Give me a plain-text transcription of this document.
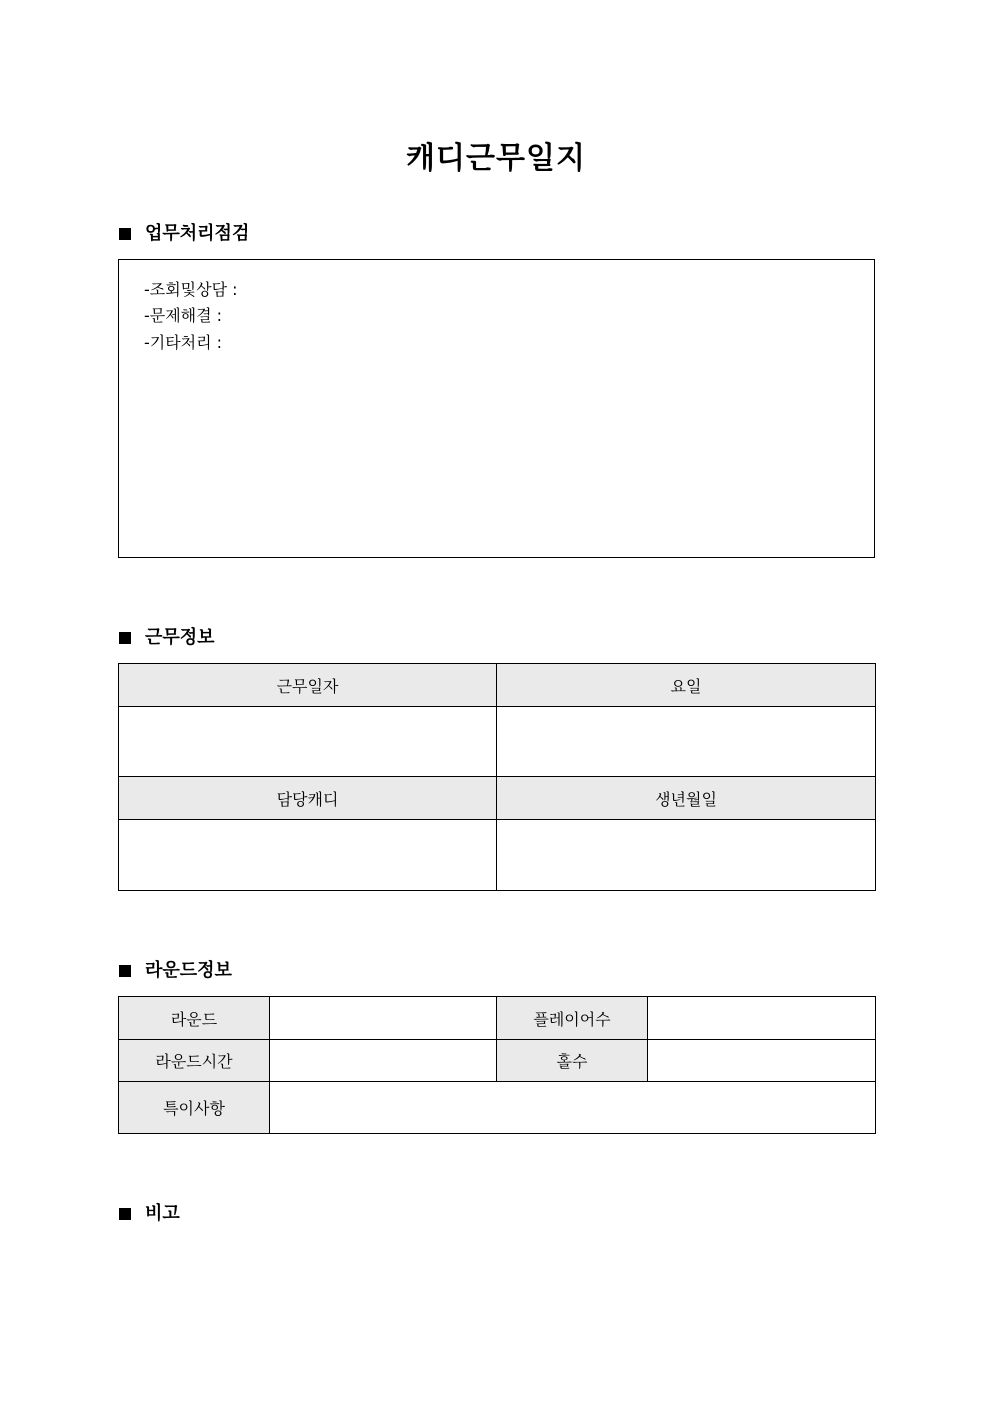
캐디근무일지
업무처리점검
-조회및상담 :
-문제해결 :
-기타처리 :
근무정보
근무일자	요일

담당캐디	생년월일

라운드정보
라운드		플레이어수	
라운드시간		홀수	
특이사항			
비고
